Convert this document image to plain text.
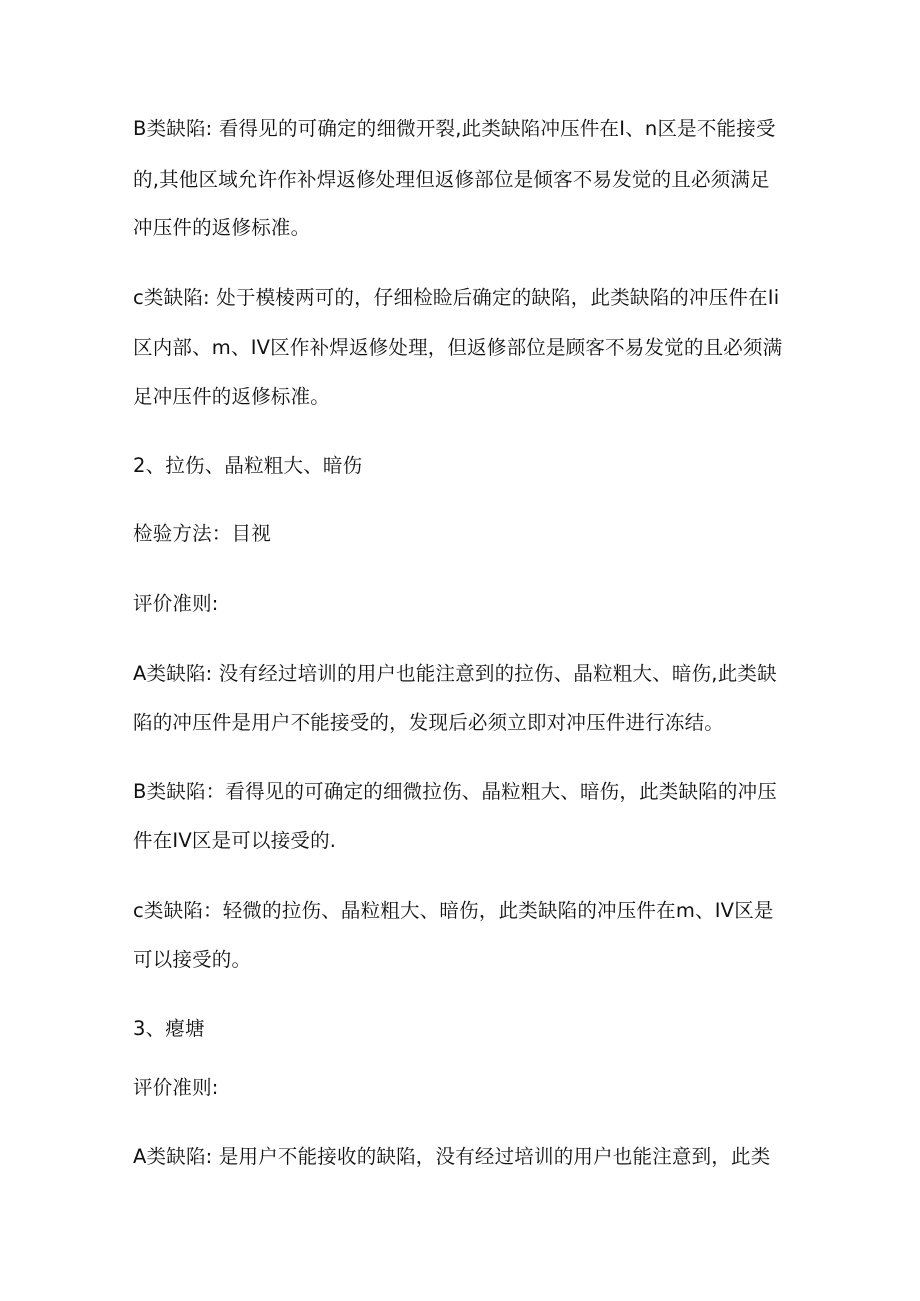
B类缺陷: 看得见的可确定的细微开裂,此类缺陷冲压件在I、n区是不能接受
的,其他区域允许作补焊返修处理但返修部位是倾客不易发觉的且必须满足
冲压件的返修标准。
c类缺陷: 处于模棱两可的，仔细检睑后确定的缺陷，此类缺陷的冲压件在Ii
区内部、m、IV区作补焊返修处理，但返修部位是顾客不易发觉的且必须满
足冲压件的返修标准。
2、拉伤、晶粒粗大、暗伤
检验方法：目视
评价准则:
A类缺陷: 没有经过培训的用户也能注意到的拉伤、晶粒粗大、暗伤,此类缺
陷的冲压件是用户不能接受的，发现后必须立即对冲压件进行冻结。
B类缺陷：看得见的可确定的细微拉伤、晶粒粗大、暗伤，此类缺陷的冲压
件在IV区是可以接受的.
c类缺陷：轻微的拉伤、晶粒粗大、暗伤，此类缺陷的冲压件在m、IV区是
可以接受的。
3、瘪塘
评价准则:
A类缺陷: 是用户不能接收的缺陷，没有经过培训的用户也能注意到，此类
